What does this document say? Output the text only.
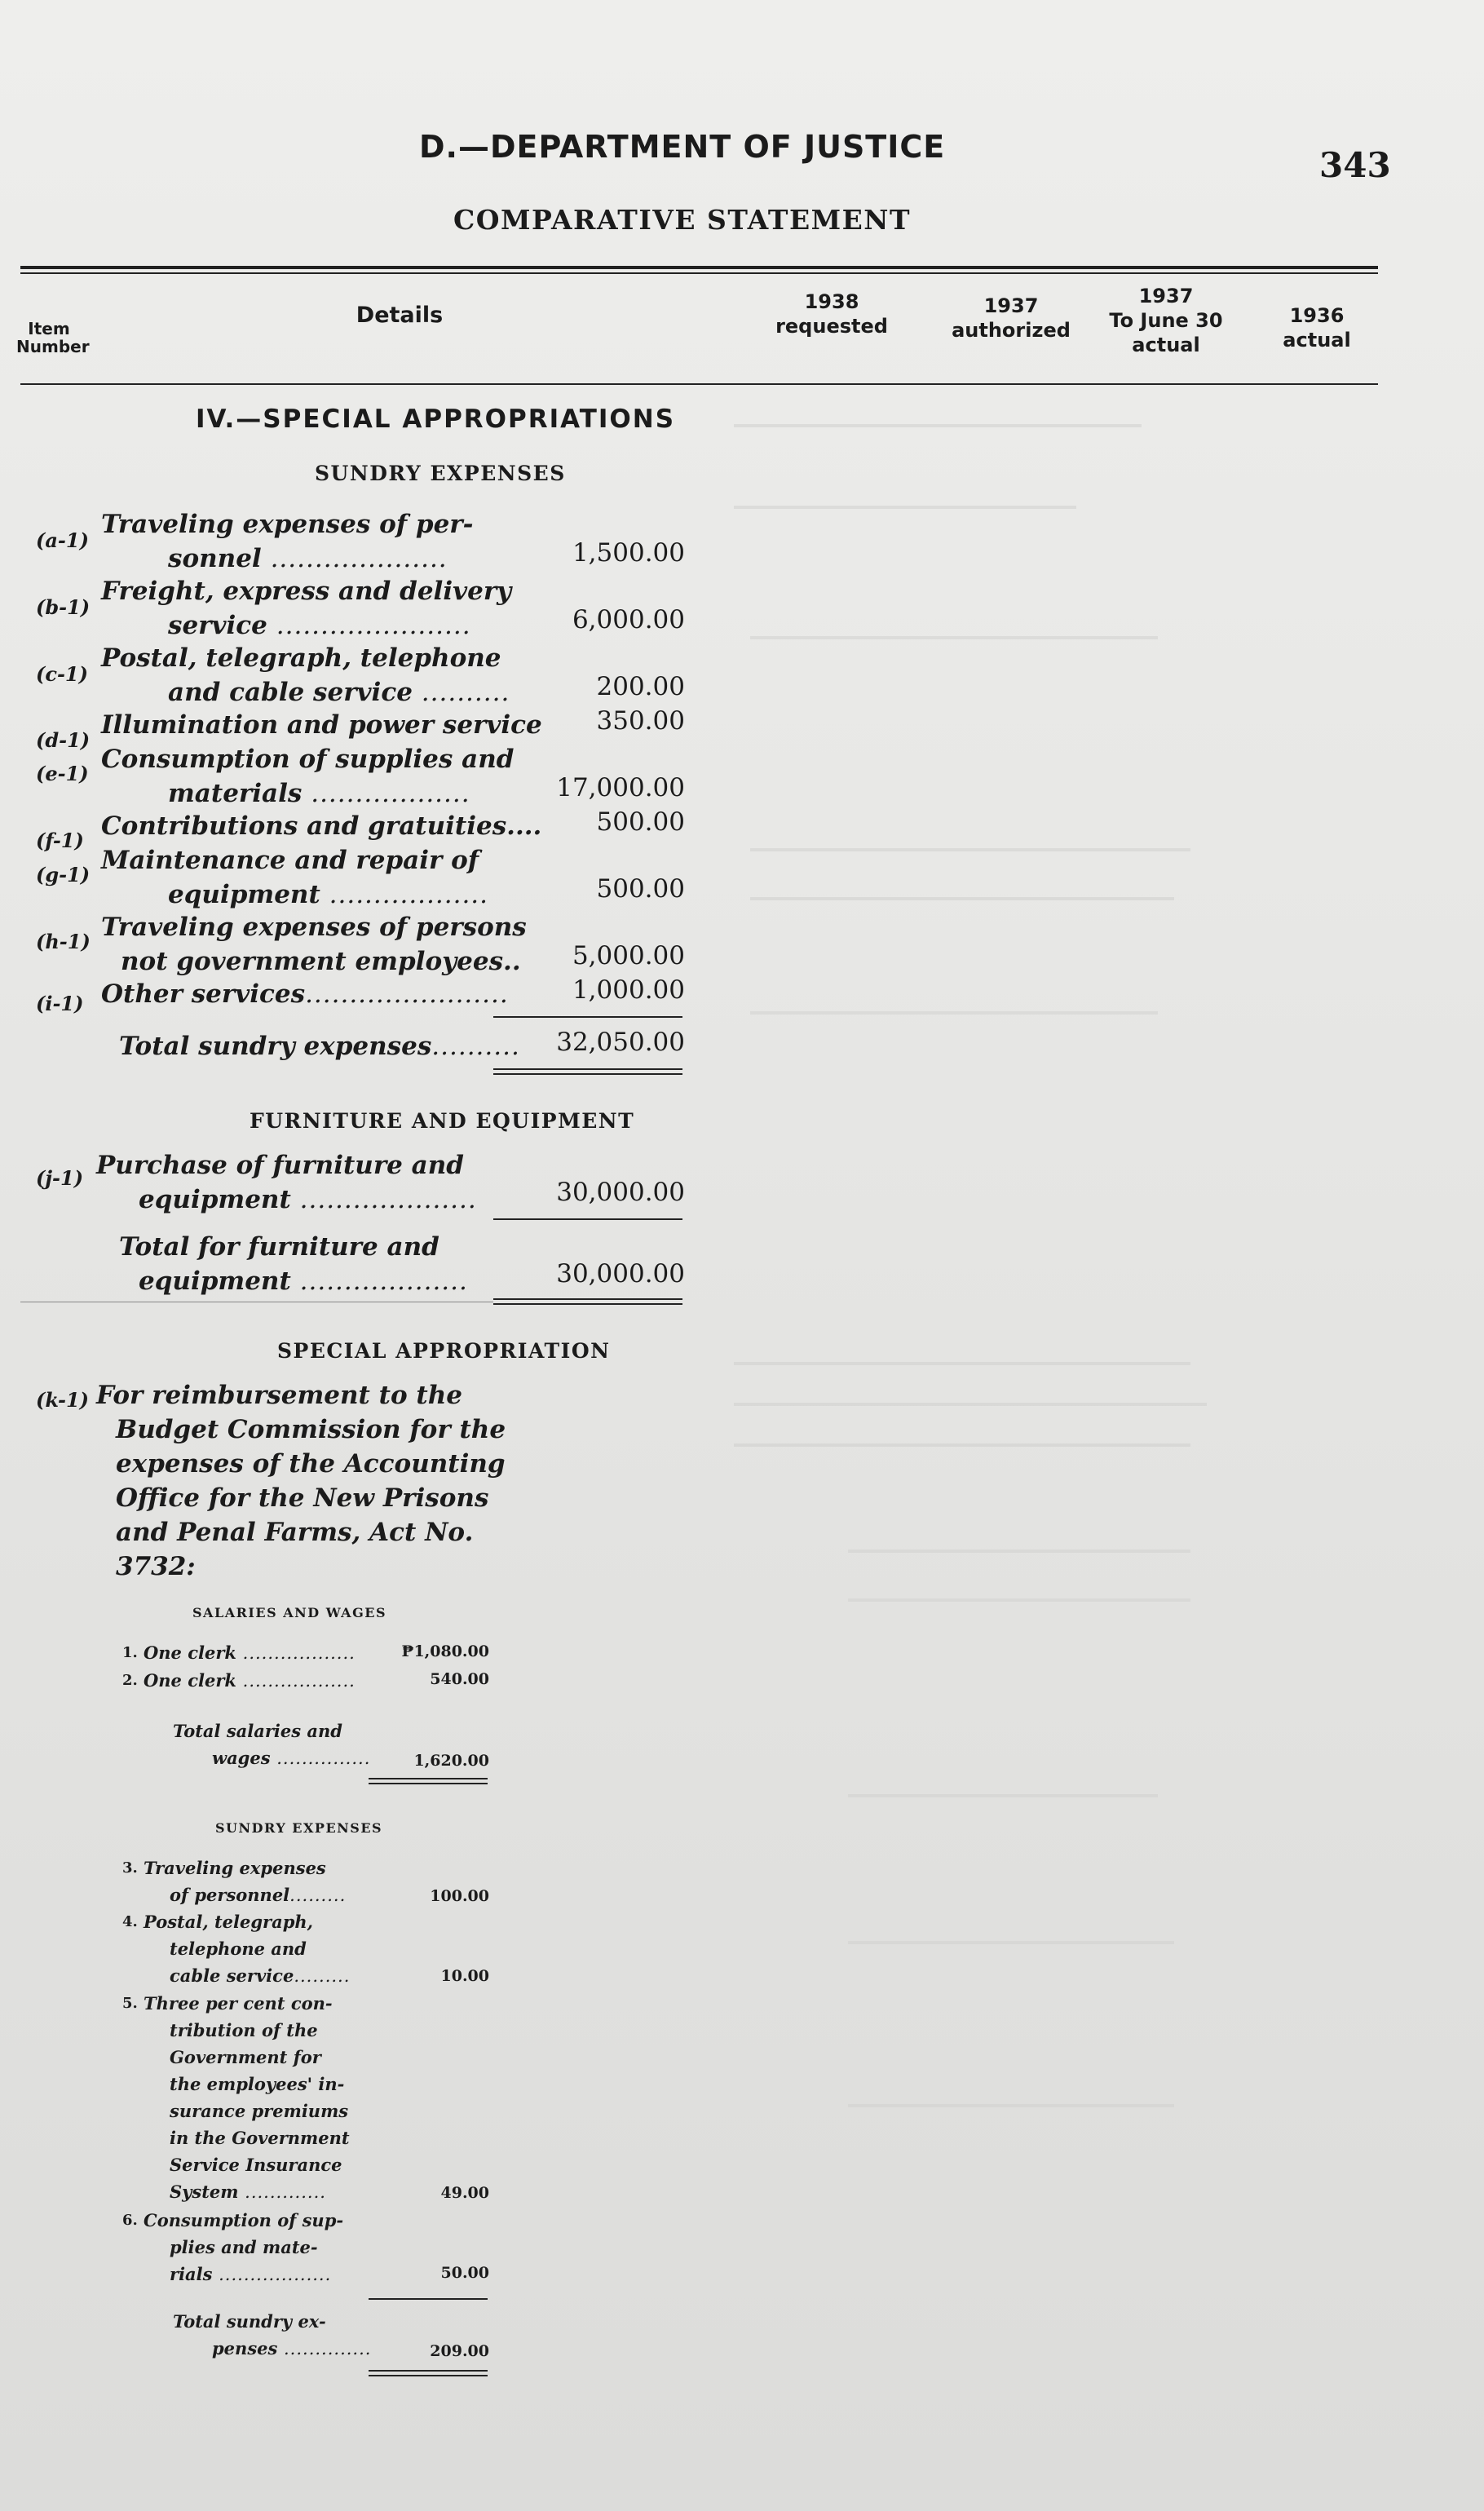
D.—DEPARTMENT OF JUSTICE	343
COMPARATIVE STATEMENT
Item Number
Details
1938
requested
1937
authorized
1937
To June 30
actual
1936
actual
IV.—SPECIAL APPROPRIATIONS
SUNDRY EXPENSES
(a-1)
Traveling expenses of per-
sonnel ....................	1,500.00
(b-1)
Freight, express and delivery
service ......................	6,000.00
(c-1)
Postal, telegraph, telephone
and cable service ..........	200.00
(d-1)
Illumination and power service	350.00
(e-1) Consumption of supplies and
materials ..................	17,000.00
(f-1) Contributions and gratuities....	500.00
(g-1) Maintenance and repair of
equipment ..................	500.00
(h-1) Traveling expenses of persons
not government employees..	5,000.00
(i-1) Other services.......................	1,000.00
Total sundry expenses..........	32,050.00
FURNITURE AND EQUIPMENT
(j-1) Purchase of furniture and
equipment ....................	30,000.00
Total for furniture and
equipment ...................	30,000.00
SPECIAL APPROPRIATION
(k-1) For reimbursement to the
Budget Commission for the
expenses of the Accounting
Office for the New Prisons
and Penal Farms, Act No.
3732:
SALARIES AND WAGES
1. One clerk ..................	₱1,080.00
2. One clerk ..................	540.00
Total salaries and
wages ...............	1,620.00
SUNDRY EXPENSES
3. Traveling expenses
of personnel.........	100.00
4. Postal, telegraph,
telephone and
cable service.........	10.00
5. Three per cent con-
tribution of the
Government for
the employees' in-
surance premiums
in the Government
Service Insurance
System .............	49.00
6. Consumption of sup-
plies and mate-
rials ..................	50.00
Total sundry ex-
penses ..............	209.00
